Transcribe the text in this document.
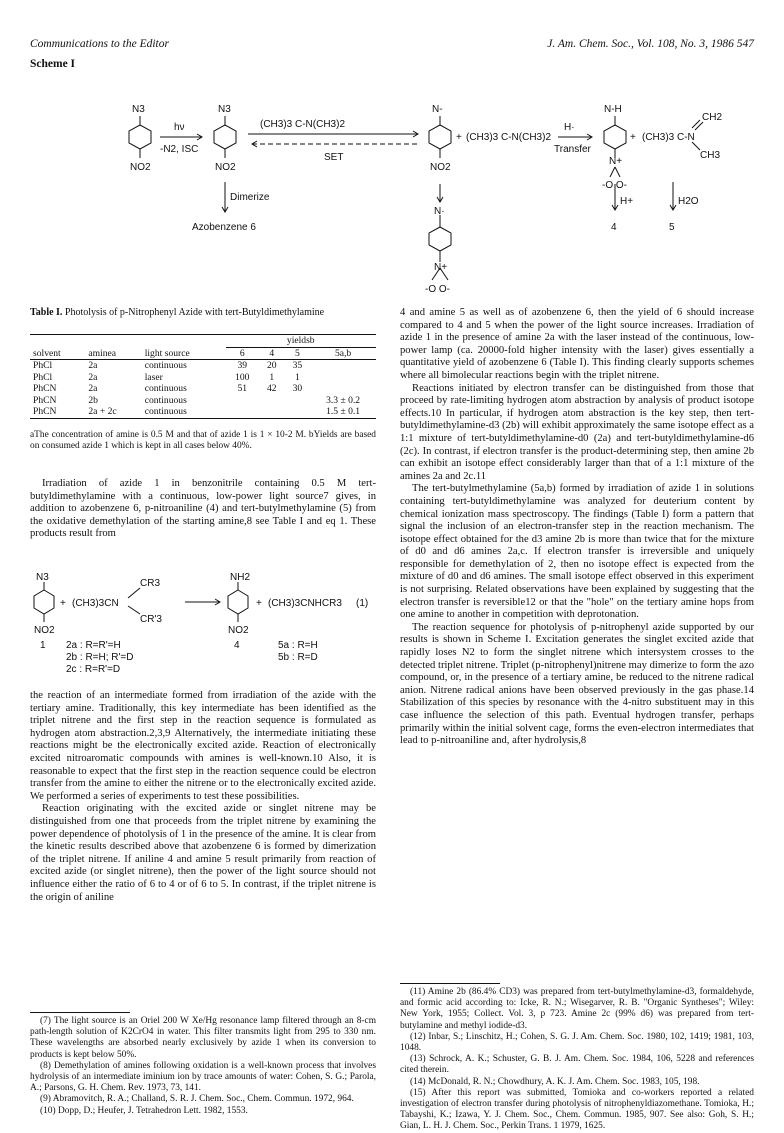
Communications to the Editor	J. Am. Chem. Soc., Vol. 108, No. 3, 1986 547
Scheme I
N3
NO2
N3
NO2
hν
-N2, ISC
(CH3)3 C-N(CH3)2
SET
N-
NO2
+ (CH3)3 C-N(CH3)2
H·
Transfer
N-H
N+
-O O-
+ (CH3)3 C-N
CH2
CH3
Dimerize
Azobenzene 6
N·
N+
-O O-
H+	H2O
4	5
Table I. Photolysis of p-Nitrophenyl Azide with tert-Butyldimethylamine
			yieldsb			
solvent	aminea	light source	6	4	5	5a,b
PhCl	2a	continuous	39	20	35	
PhCl	2a	laser	100	1	1	
PhCN	2a	continuous	51	42	30	
PhCN	2b	continuous				3.3 ± 0.2
PhCN	2a + 2c	continuous				1.5 ± 0.1
aThe concentration of amine is 0.5 M and that of azide 1 is 1 × 10-2 M. bYields are based on consumed azide 1 which is kept in all cases below 40%.

Irradiation of azide 1 in benzonitrile containing 0.5 M tert-butyldimethylamine with a continuous, low-power light source7 gives, in addition to azobenzene 6, p-nitroaniline (4) and tert-butylmethylamine (5) from the oxidative demethylation of the starting amine,8 see Table I and eq 1. These products result from

N3
NO2
+ (CH3)3CN
CR3
CR'3
NH2
NO2
+ (CH3)3CNHCR3 (1)
1 2a : R=R'=H
2b : R=H; R'=D
2c : R=R'=D
4	5a : R=H
5b : R=D

the reaction of an intermediate formed from irradiation of the azide with the tertiary amine. Traditionally, this key intermediate has been identified as the triplet nitrene and the first step in the reaction sequence is formulated as hydrogen atom abstraction.2,3,9 Alternatively, the intermediate initiating these reactions might be the electronically excited azide. Reaction of electronically excited nitroaromatic compounds with amines is well-known.10 Also, it is reasonable to expect that the first step in the reaction sequence could be electron transfer from the amine to either the nitrene or to the electronically excited azide. We performed a series of experiments to test these possibilities.

Reaction originating with the excited azide or singlet nitrene may be distinguished from one that proceeds from the triplet nitrene by examining the power dependence of photolysis of 1 in the presence of the amine. It is clear from the kinetic results described above that azobenzene 6 is formed by dimerization of the triplet nitrene. If aniline 4 and amine 5 result primarily from reaction of excited azide (or singlet nitrene), then the power of the light source should not influence either the ratio of 6 to 4 or of 6 to 5. In contrast, if the triplet nitrene is the origin of aniline

4 and amine 5 as well as of azobenzene 6, then the yield of 6 should increase compared to 4 and 5 when the power of the light source increases. Irradiation of azide 1 in the presence of amine 2a with the laser instead of the continuous, low-power lamp (ca. 20000-fold higher intensity with the laser) gives essentially a quantitative yield of azobenzene 6 (Table I). This finding clearly supports schemes where all bimolecular reactions begin with the triplet nitrene.

Reactions initiated by electron transfer can be distinguished from those that proceed by rate-limiting hydrogen atom abstraction by analysis of product isotope effects.10 In particular, if hydrogen atom abstraction is the key step, then tert-butyldimethylamine-d3 (2b) will exhibit approximately the same isotope effect as a 1:1 mixture of tert-butyldimethylamine-d0 (2a) and tert-butyldimethylamine-d6 (2c). In contrast, if electron transfer is the product-determining step, then amine 2b can exhibit an isotope effect considerably larger than that of a 1:1 mixture of the amines 2a and 2c.11

The tert-butylmethylamine (5a,b) formed by irradiation of azide 1 in solutions containing tert-butyldimethylamine was analyzed for deuterium content by chemical ionization mass spectroscopy. The findings (Table I) form a pattern that signal the inclusion of an electron-transfer step in the reaction mechanism. The isotope effect obtained for the d3 amine 2b is more than twice that for the mixture of d0 and d6 amines 2a,c. If electron transfer is irreversible and uniquely responsible for demethylation of 2, then no isotope effect is expected from the mixture of d0 and d6 amines. The small isotope effect observed in this experiment is not surprising. Related observations have been explained by suggesting that the electron transfer is reversible12 or that the "hole" on the tertiary amine hops from one amine to another in competition with deprotonation.

The reaction sequence for photolysis of p-nitrophenyl azide supported by our results is shown in Scheme I. Excitation generates the singlet excited azide that rapidly loses N2 to form the singlet nitrene which intersystem crosses to the detected triplet nitrene. Triplet (p-nitrophenyl)nitrene may dimerize to form the azo compound, or, in the presence of a tertiary amine, be reduced to the nitrene radical anion. Nitrene radical anions have been observed previously in the gas phase.14 Stabilization of this species by resonance with the 4-nitro substituent may in this case influence the selection of this path. Eventual hydrogen transfer, perhaps primarily within the initial solvent cage, forms the even-electron intermediates that lead to p-nitroaniline and, after hydrolysis,8

(7) The light source is an Oriel 200 W Xe/Hg resonance lamp filtered through an 8-cm path-length solution of K2CrO4 in water. This filter transmits light from 295 to 330 nm. These wavelengths are absorbed nearly exclusively by azide 1 when its conversion to products is kept below 50%.

(8) Demethylation of amines following oxidation is a well-known process that involves hydrolysis of an intermediate iminium ion by trace amounts of water: Cohen, S. G.; Parola, A.; Parsons, G. H. Chem. Rev. 1973, 73, 141.

(9) Abramovitch, R. A.; Challand, S. R. J. Chem. Soc., Chem. Commun. 1972, 964.

(10) Dopp, D.; Heufer, J. Tetrahedron Lett. 1982, 1553.

(11) Amine 2b (86.4% CD3) was prepared from tert-butylmethylamine-d3, formaldehyde, and formic acid according to: Icke, R. N.; Wisegarver, R. B. "Organic Syntheses"; Wiley: New York, 1955; Collect. Vol. 3, p 723. Amine 2c (99% d6) was prepared from tert-butylamine and methyl iodide-d3.

(12) Inbar, S.; Linschitz, H.; Cohen, S. G. J. Am. Chem. Soc. 1980, 102, 1419; 1981, 103, 1048.

(13) Schrock, A. K.; Schuster, G. B. J. Am. Chem. Soc. 1984, 106, 5228 and references cited therein.

(14) McDonald, R. N.; Chowdhury, A. K. J. Am. Chem. Soc. 1983, 105, 198.

(15) After this report was submitted, Tomioka and co-workers reported a related investigation of electron transfer during photolysis of nitrophenyldiazomethane. Tomioka, H.; Tabayshi, K.; Izawa, Y. J. Chem. Soc., Chem. Commun. 1985, 907. See also: Goh, S. H.; Gian, L. H. J. Chem. Soc., Perkin Trans. 1 1979, 1625.
